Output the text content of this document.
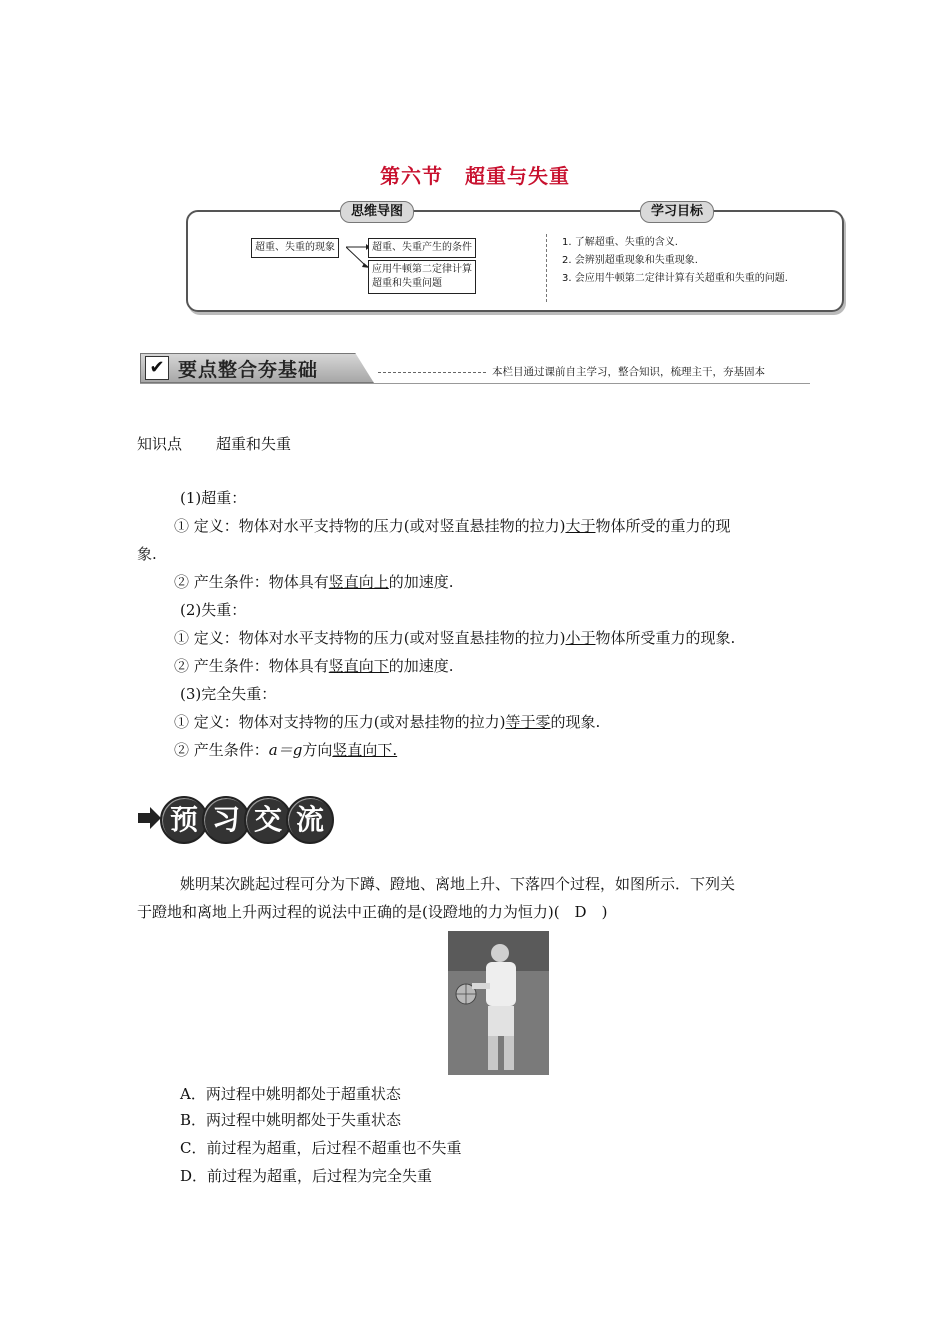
第六节 超重与失重
思维导图	学习目标
超重、失重的现象	超重、失重产生的条件
应用牛顿第二定律计算
超重和失重问题
1. 了解超重、失重的含义.
2. 会辨别超重现象和失重现象.
3. 会应用牛顿第二定律计算有关超重和失重的问题.
✔ 要点整合夯基础	本栏目通过课前自主学习，整合知识，梳理主干，夯基固本
知识点 超重和失重
(1)超重：
① 定义：物体对水平支持物的压力(或对竖直悬挂物的拉力)大于物体所受的重力的现
象.
② 产生条件：物体具有竖直向上的加速度.
(2)失重：
① 定义：物体对水平支持物的压力(或对竖直悬挂物的拉力)小于物体所受重力的现象.
② 产生条件：物体具有竖直向下的加速度.
(3)完全失重：
① 定义：物体对支持物的压力(或对悬挂物的拉力)等于零的现象.
② 产生条件：a＝g方向竖直向下.
预 习 交 流
姚明某次跳起过程可分为下蹲、蹬地、离地上升、下落四个过程，如图所示．下列关
于蹬地和离地上升两过程的说法中正确的是(设蹬地的力为恒力)(　D　)
A．两过程中姚明都处于超重状态
B．两过程中姚明都处于失重状态
C．前过程为超重，后过程不超重也不失重
D．前过程为超重，后过程为完全失重
